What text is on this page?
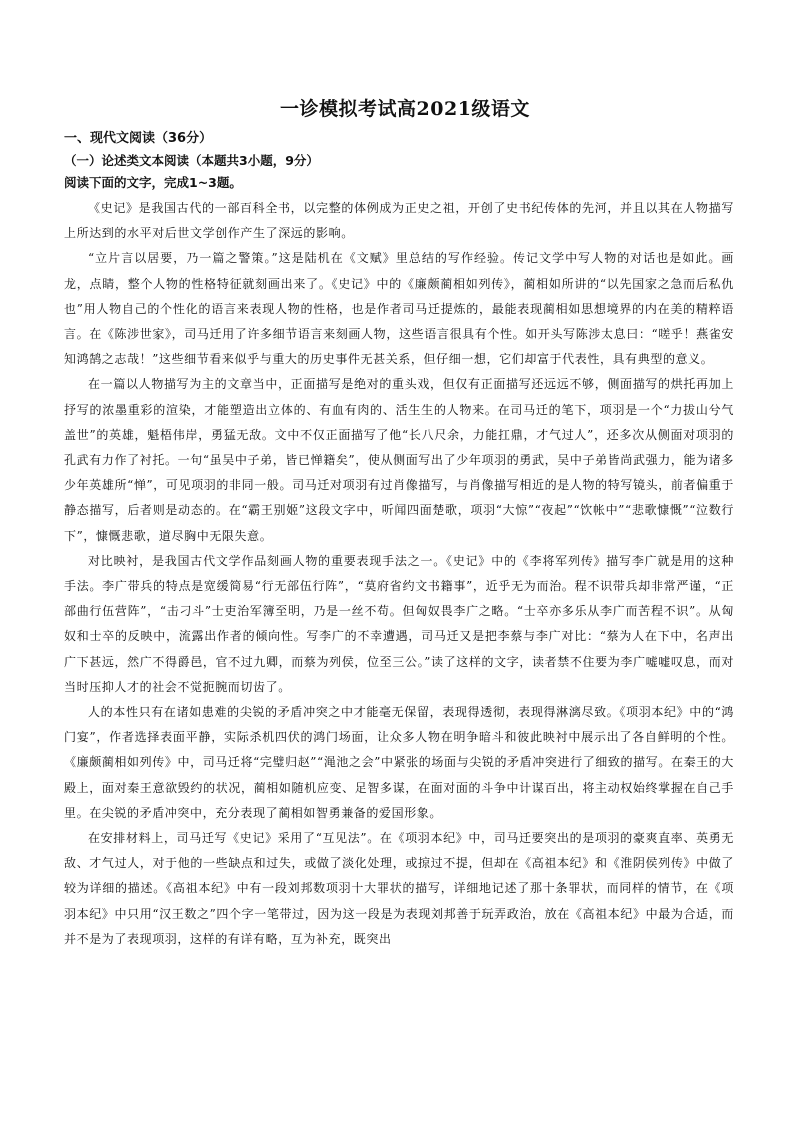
一诊模拟考试高2021级语文
一、现代文阅读（36分）
（一）论述类文本阅读（本题共3小题，9分）
阅读下面的文字，完成1~3题。

《史记》是我国古代的一部百科全书，以完整的体例成为正史之祖，开创了史书纪传体的先河，并且以其在人物描写上所达到的水平对后世文学创作产生了深远的影响。

“立片言以居要，乃一篇之警策。”这是陆机在《文赋》里总结的写作经验。传记文学中写人物的对话也是如此。画龙，点睛，整个人物的性格特征就刻画出来了。《史记》中的《廉颇蔺相如列传》，蔺相如所讲的“以先国家之急而后私仇也”用人物自己的个性化的语言来表现人物的性格，也是作者司马迁提炼的，最能表现蔺相如思想境界的内在美的精粹语言。在《陈涉世家》，司马迁用了许多细节语言来刻画人物，这些语言很具有个性。如开头写陈涉太息曰：“嗟乎！燕雀安知鸿鹄之志哉！”这些细节看来似乎与重大的历史事件无甚关系，但仔细一想，它们却富于代表性，具有典型的意义。

在一篇以人物描写为主的文章当中，正面描写是绝对的重头戏，但仅有正面描写还远远不够，侧面描写的烘托再加上抒写的浓墨重彩的渲染，才能塑造出立体的、有血有肉的、活生生的人物来。在司马迁的笔下，项羽是一个“力拔山兮气盖世”的英雄，魁梧伟岸，勇猛无敌。文中不仅正面描写了他“长八尺余，力能扛鼎，才气过人”，还多次从侧面对项羽的孔武有力作了衬托。一句“虽吴中子弟，皆已惮籍矣”，使从侧面写出了少年项羽的勇武，吴中子弟皆尚武强力，能为诸多少年英雄所“惮”，可见项羽的非同一般。司马迁对项羽有过肖像描写，与肖像描写相近的是人物的特写镜头，前者偏重于静态描写，后者则是动态的。在“霸王别姬”这段文字中，听闻四面楚歌，项羽“大惊”“夜起”“饮帐中”“悲歌慷慨”“泣数行下”，慷慨悲歌，道尽胸中无限失意。

对比映衬，是我国古代文学作品刻画人物的重要表现手法之一。《史记》中的《李将军列传》描写李广就是用的这种手法。李广带兵的特点是宽缓简易“行无部伍行阵”，“莫府省约文书籍事”，近乎无为而治。程不识带兵却非常严谨，“正部曲行伍营阵”，“击刁斗”士吏治军簿至明，乃是一丝不苟。但匈奴畏李广之略。“士卒亦多乐从李广而苦程不识”。从匈奴和士卒的反映中，流露出作者的倾向性。写李广的不幸遭遇，司马迁又是把李蔡与李广对比：“蔡为人在下中，名声出广下甚远，然广不得爵邑，官不过九卿，而蔡为列侯，位至三公。”读了这样的文字，读者禁不住要为李广嘘嘘叹息，而对当时压抑人才的社会不觉扼腕而切齿了。

人的本性只有在诸如患难的尖锐的矛盾冲突之中才能毫无保留，表现得透彻，表现得淋漓尽致。《项羽本纪》中的“鸿门宴”，作者选择表面平静，实际杀机四伏的鸿门场面，让众多人物在明争暗斗和彼此映衬中展示出了各自鲜明的个性。《廉颇蔺相如列传》中，司马迁将“完璧归赵”“渑池之会”中紧张的场面与尖锐的矛盾冲突进行了细致的描写。在秦王的大殿上，面对秦王意欲毁约的状况，蔺相如随机应变、足智多谋，在面对面的斗争中计谋百出，将主动权始终掌握在自己手里。在尖锐的矛盾冲突中，充分表现了蔺相如智勇兼备的爱国形象。

在安排材料上，司马迁写《史记》采用了“互见法”。在《项羽本纪》中，司马迁要突出的是项羽的豪爽直率、英勇无敌、才气过人，对于他的一些缺点和过失，或做了淡化处理，或掠过不提，但却在《高祖本纪》和《淮阴侯列传》中做了较为详细的描述。《高祖本纪》中有一段刘邦数项羽十大罪状的描写，详细地记述了那十条罪状，而同样的情节，在《项羽本纪》中只用“汉王数之”四个字一笔带过，因为这一段是为表现刘邦善于玩弄政治，放在《高祖本纪》中最为合适，而并不是为了表现项羽，这样的有详有略，互为补充，既突出
